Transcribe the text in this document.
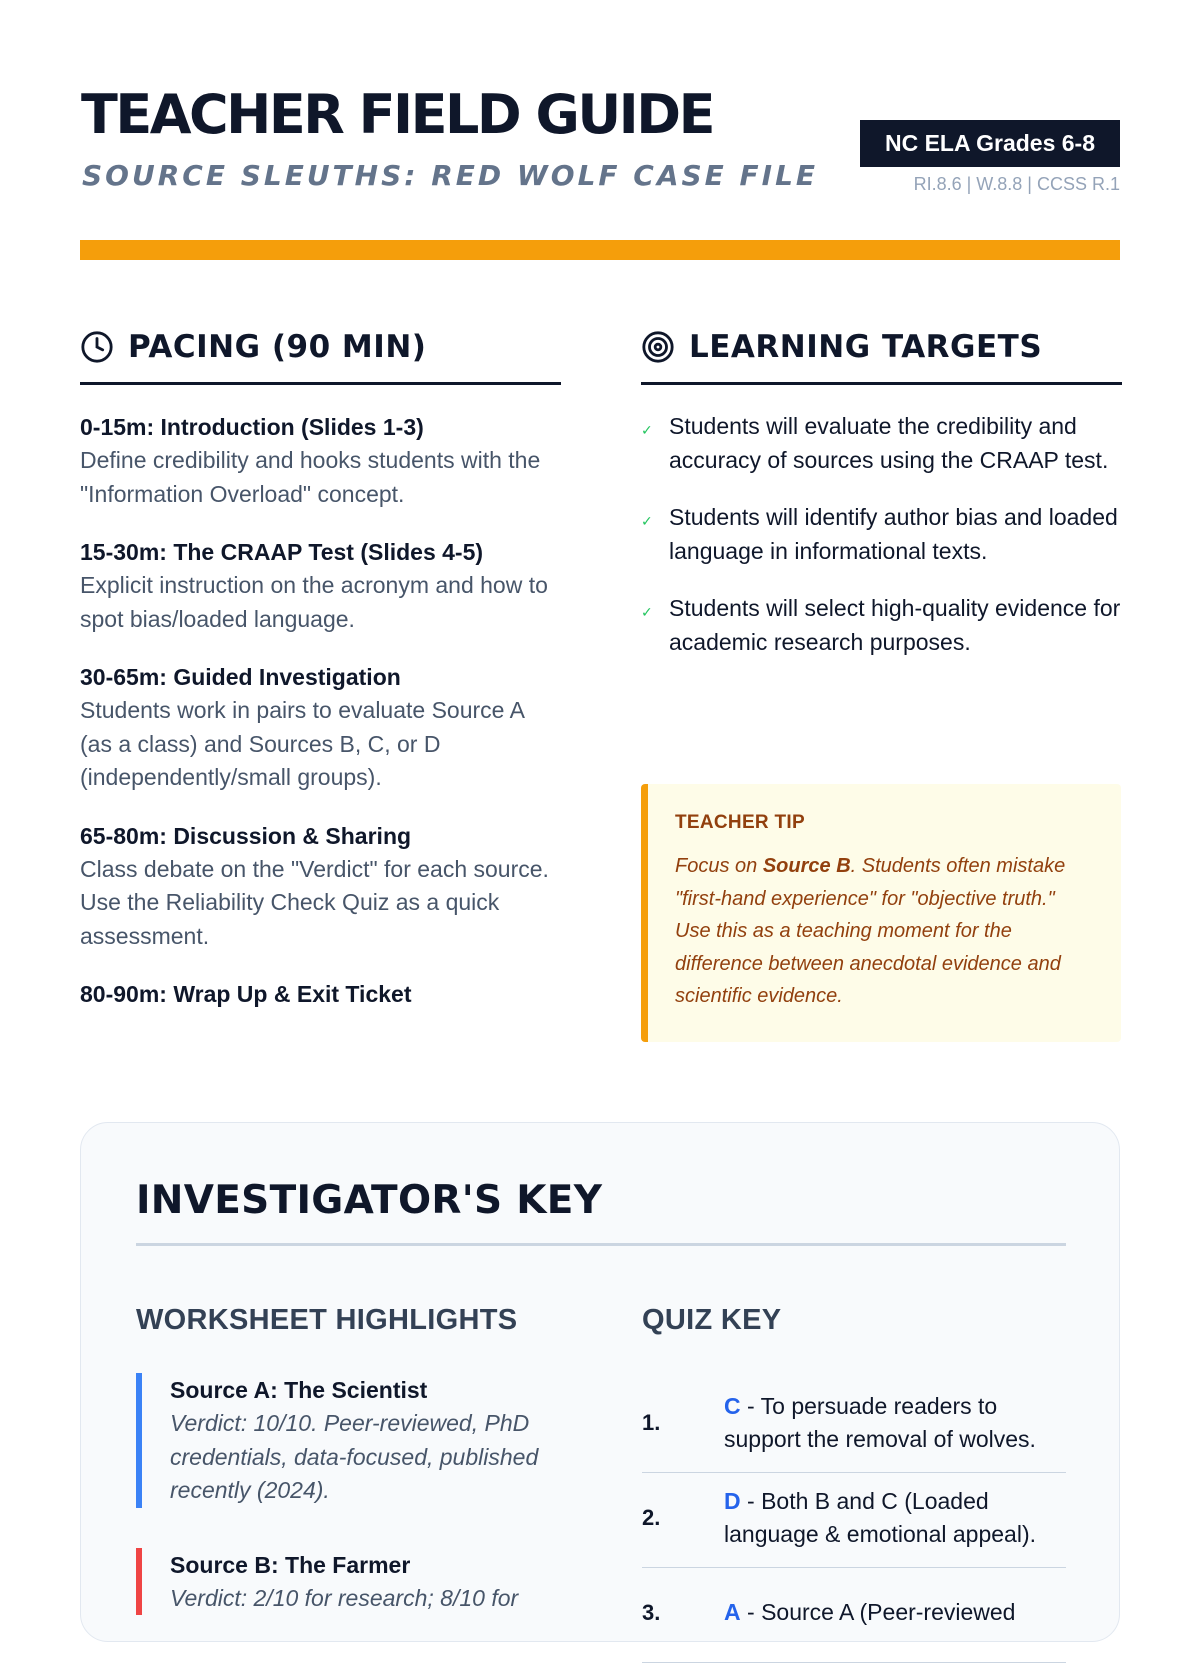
TEACHER FIELD GUIDE
SOURCE SLEUTHS: RED WOLF CASE FILE
NC ELA Grades 6-8
RI.8.6 | W.8.8 | CCSS R.1
PACING (90 MIN)
0-15m: Introduction (Slides 1-3)
Define credibility and hooks students with the "Information Overload" concept.
15-30m: The CRAAP Test (Slides 4-5)
Explicit instruction on the acronym and how to spot bias/loaded language.
30-65m: Guided Investigation
Students work in pairs to evaluate Source A (as a class) and Sources B, C, or D (independently/small groups).
65-80m: Discussion & Sharing
Class debate on the "Verdict" for each source. Use the Reliability Check Quiz as a quick assessment.
80-90m: Wrap Up & Exit Ticket
LEARNING TARGETS
✓ Students will evaluate the credibility and accuracy of sources using the CRAAP test.
✓ Students will identify author bias and loaded language in informational texts.
✓ Students will select high-quality evidence for academic research purposes.
TEACHER TIP
Focus on Source B. Students often mistake "first-hand experience" for "objective truth." Use this as a teaching moment for the difference between anecdotal evidence and scientific evidence.
INVESTIGATOR'S KEY
WORKSHEET HIGHLIGHTS
Source A: The Scientist
Verdict: 10/10. Peer-reviewed, PhD credentials, data-focused, published recently (2024).
Source B: The Farmer
Verdict: 2/10 for research; 8/10 for
QUIZ KEY
1.
C - To persuade readers to support the removal of wolves.
2.
D - Both B and C (Loaded language & emotional appeal).
3.	A - Source A (Peer-reviewed
